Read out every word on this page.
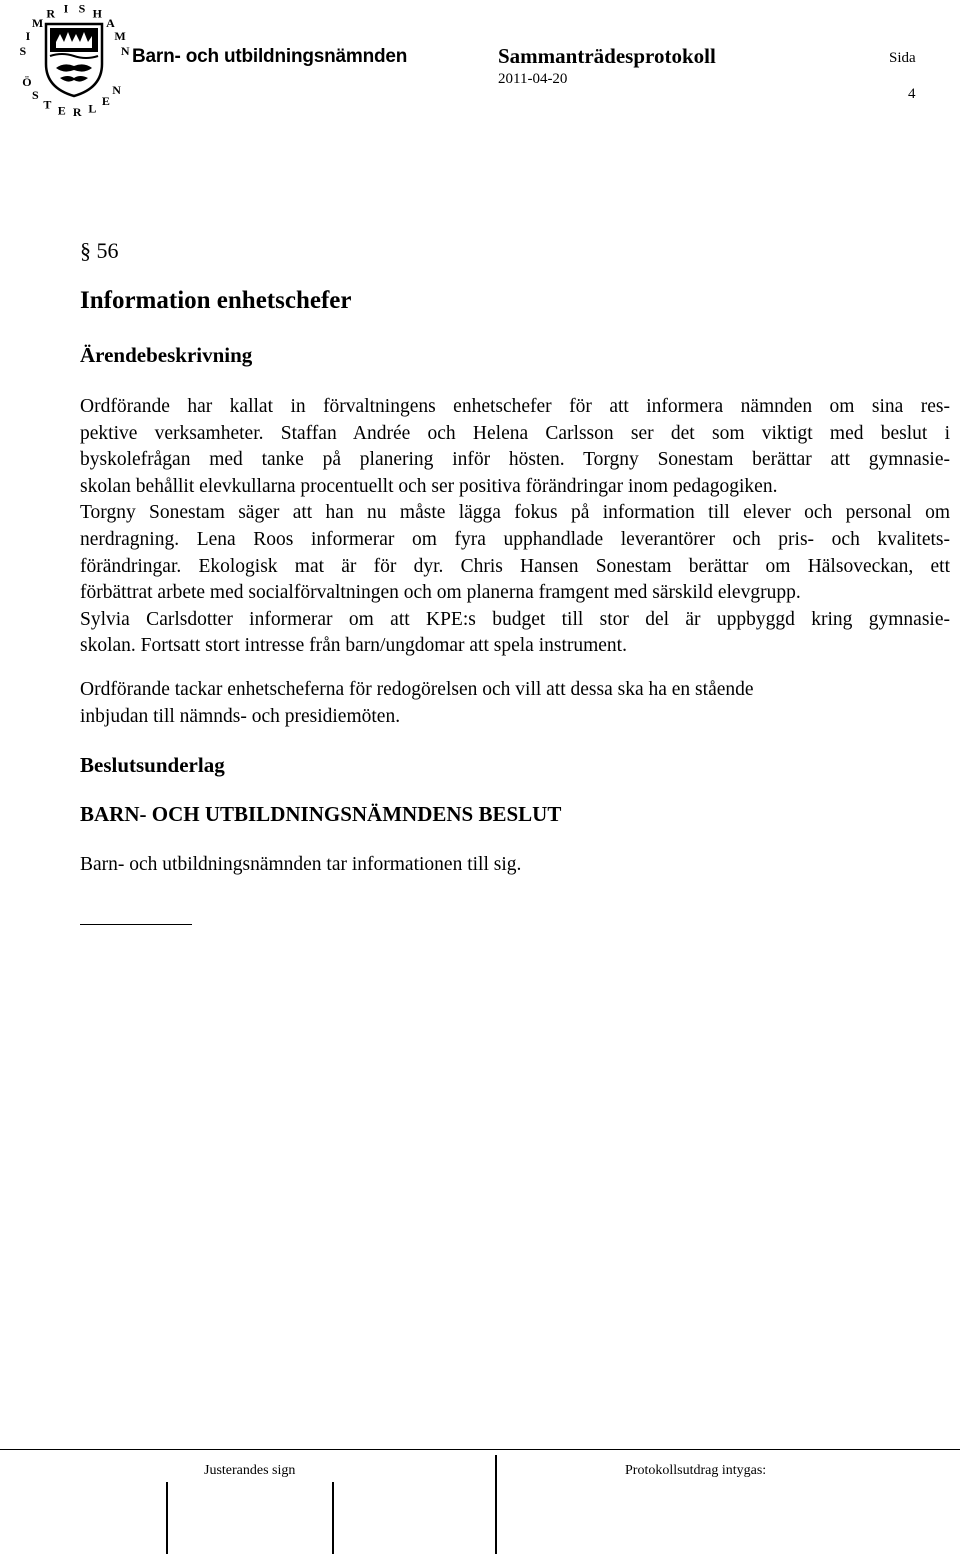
S
I
M
R I S H
A
M
N
Ö
S
T E R L
E
N
Barn- och utbildningsnämnden	Sammanträdesprotokoll
2011-04-20
Sida
4
§ 56
Information enhetschefer
Ärendebeskrivning
Ordförande har kallat in förvaltningens enhetschefer för att informera nämnden om sina res-
pektive verksamheter. Staffan Andrée och Helena Carlsson ser det som viktigt med beslut i
byskolefrågan med tanke på planering inför hösten. Torgny Sonestam berättar att gymnasie-
skolan behållit elevkullarna procentuellt och ser positiva förändringar inom pedagogiken.
Torgny Sonestam säger att han nu måste lägga fokus på information till elever och personal om
nerdragning. Lena Roos informerar om fyra upphandlade leverantörer och pris- och kvalitets-
förändringar. Ekologisk mat är för dyr. Chris Hansen Sonestam berättar om Hälsoveckan, ett
förbättrat arbete med socialförvaltningen och om planerna framgent med särskild elevgrupp.
Sylvia Carlsdotter informerar om att KPE:s budget till stor del är uppbyggd kring gymnasie-
skolan. Fortsatt stort intresse från barn/ungdomar att spela instrument.
Ordförande tackar enhetscheferna för redogörelsen och vill att dessa ska ha en stående
inbjudan till nämnds- och presidiemöten.
Beslutsunderlag
BARN- OCH UTBILDNINGSNÄMNDENS BESLUT
Barn- och utbildningsnämnden tar informationen till sig.
Justerandes sign	Protokollsutdrag intygas:
